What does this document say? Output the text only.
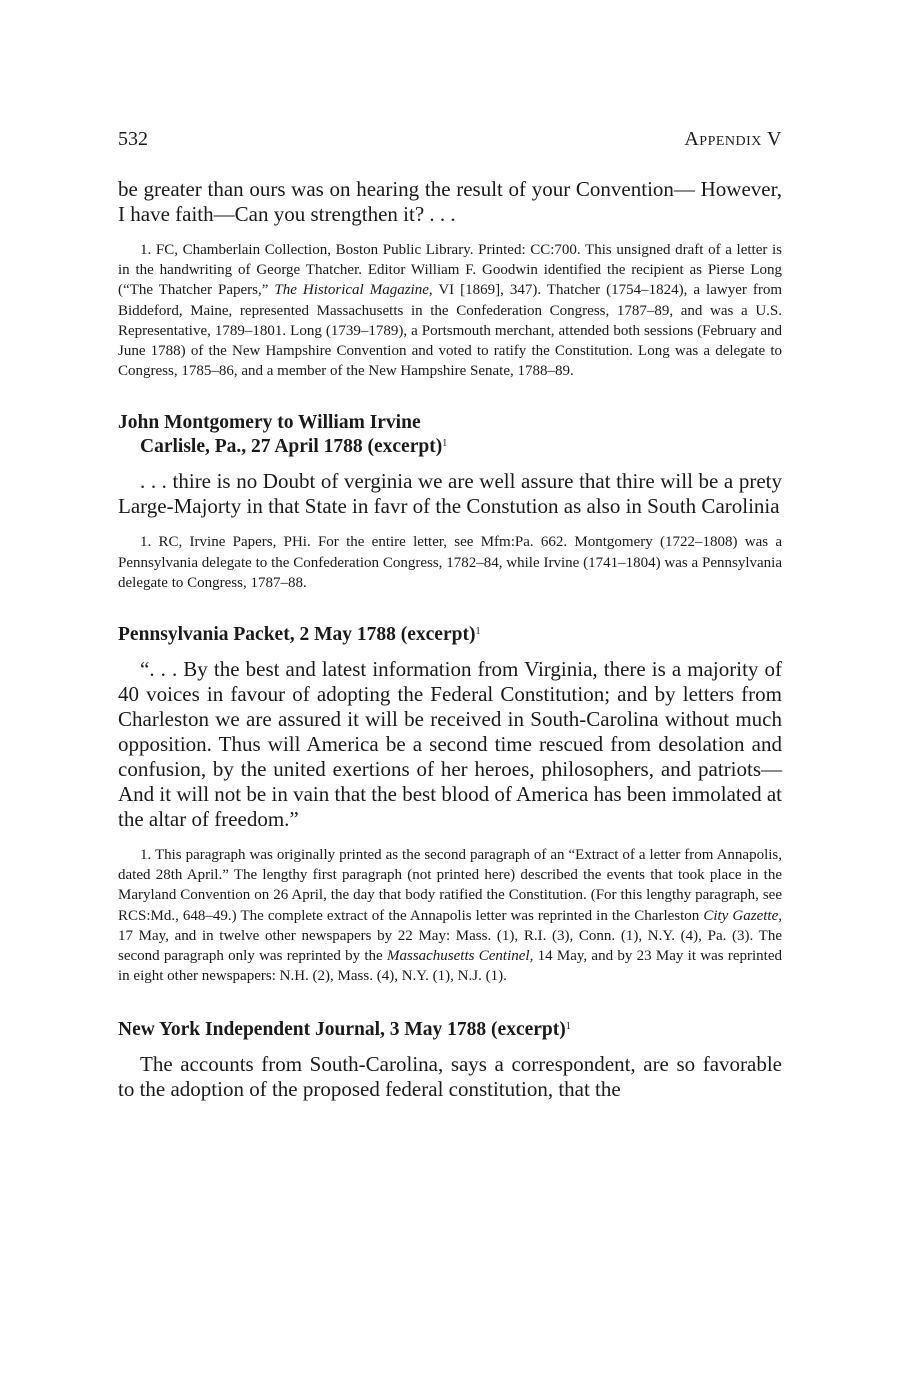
532	Appendix V

be greater than ours was on hearing the result of your Convention— However, I have faith—Can you strengthen it? . . .

1. FC, Chamberlain Collection, Boston Public Library. Printed: CC:700. This unsigned draft of a letter is in the handwriting of George Thatcher. Editor William F. Goodwin identified the recipient as Pierse Long (“The Thatcher Papers,” The Historical Magazine, VI [1869], 347). Thatcher (1754–1824), a lawyer from Biddeford, Maine, represented Massachusetts in the Confederation Congress, 1787–89, and was a U.S. Representative, 1789–1801. Long (1739–1789), a Portsmouth merchant, attended both sessions (February and June 1788) of the New Hampshire Convention and voted to ratify the Constitution. Long was a delegate to Congress, 1785–86, and a member of the New Hampshire Senate, 1788–89.

John Montgomery to William Irvine
Carlisle, Pa., 27 April 1788 (excerpt)$^1$

. . . thire is no Doubt of verginia we are well assure that thire will be a prety Large-Majorty in that State in favr of the Constution as also in South Carolinia

1. RC, Irvine Papers, PHi. For the entire letter, see Mfm:Pa. 662. Montgomery (1722–1808) was a Pennsylvania delegate to the Confederation Congress, 1782–84, while Irvine (1741–1804) was a Pennsylvania delegate to Congress, 1787–88.

Pennsylvania Packet, 2 May 1788 (excerpt)$^1$

“. . . By the best and latest information from Virginia, there is a majority of 40 voices in favour of adopting the Federal Constitution; and by letters from Charleston we are assured it will be received in South-Carolina without much opposition. Thus will America be a second time rescued from desolation and confusion, by the united exertions of her heroes, philosophers, and patriots—And it will not be in vain that the best blood of America has been immolated at the altar of freedom.”

1. This paragraph was originally printed as the second paragraph of an “Extract of a letter from Annapolis, dated 28th April.” The lengthy first paragraph (not printed here) described the events that took place in the Maryland Convention on 26 April, the day that body ratified the Constitution. (For this lengthy paragraph, see RCS:Md., 648–49.) The complete extract of the Annapolis letter was reprinted in the Charleston City Gazette, 17 May, and in twelve other newspapers by 22 May: Mass. (1), R.I. (3), Conn. (1), N.Y. (4), Pa. (3). The second paragraph only was reprinted by the Massachusetts Centinel, 14 May, and by 23 May it was reprinted in eight other newspapers: N.H. (2), Mass. (4), N.Y. (1), N.J. (1).

New York Independent Journal, 3 May 1788 (excerpt)$^1$

The accounts from South-Carolina, says a correspondent, are so favorable to the adoption of the proposed federal constitution, that the
